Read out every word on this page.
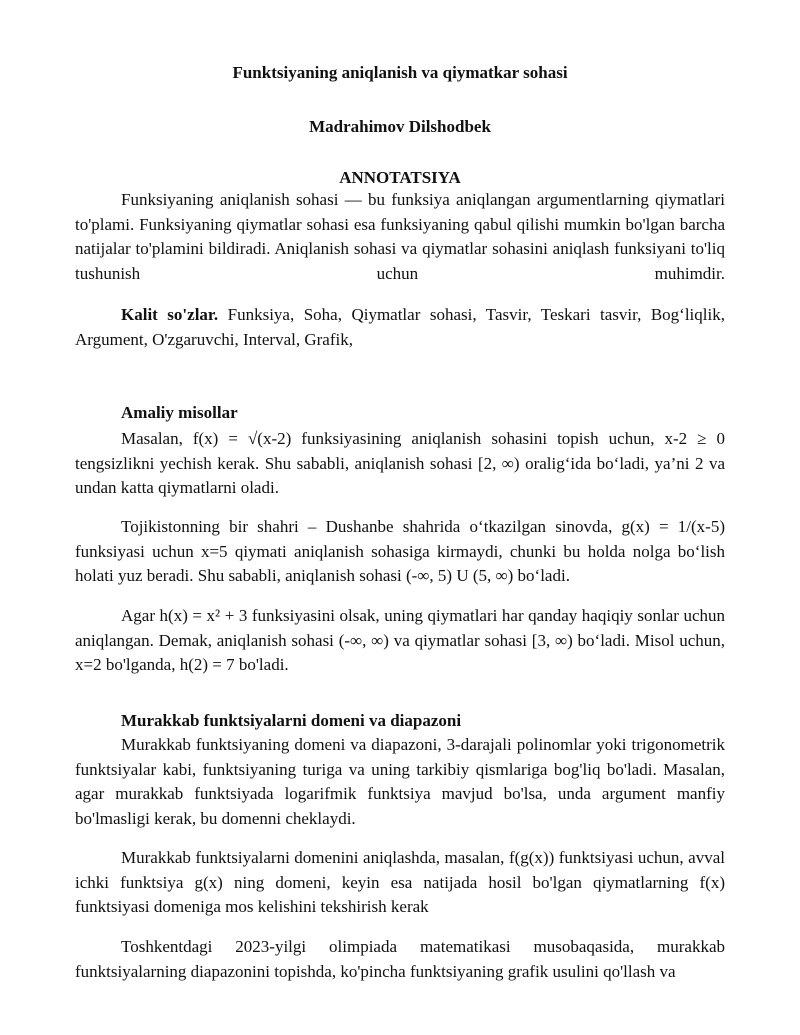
Funktsiyaning aniqlanish va qiymatkar sohasi
Madrahimov Dilshodbek
ANNOTATSIYA

Funksiyaning aniqlanish sohasi — bu funksiya aniqlangan argumentlarning qiymatlari to'plami. Funksiyaning qiymatlar sohasi esa funksiyaning qabul qilishi mumkin bo'lgan barcha natijalar to'plamini bildiradi. Aniqlanish sohasi va qiymatlar sohasini aniqlash funksiyani to'liq tushunish uchun muhimdir.

Kalit so'zlar. Funksiya, Soha, Qiymatlar sohasi, Tasvir, Teskari tasvir, Bog‘liqlik, Argument, O'zgaruvchi, Interval, Grafik,

Amaliy misollar

Masalan, f(x) = √(x-2) funksiyasining aniqlanish sohasini topish uchun, x-2 ≥ 0 tengsizlikni yechish kerak. Shu sababli, aniqlanish sohasi [2, ∞) oralig‘ida bo‘ladi, ya’ni 2 va undan katta qiymatlarni oladi.

Tojikistonning bir shahri – Dushanbe shahrida o‘tkazilgan sinovda, g(x) = 1/(x-5) funksiyasi uchun x=5 qiymati aniqlanish sohasiga kirmaydi, chunki bu holda nolga bo‘lish holati yuz beradi. Shu sababli, aniqlanish sohasi (-∞, 5) U (5, ∞) bo‘ladi.

Agar h(x) = x² + 3 funksiyasini olsak, uning qiymatlari har qanday haqiqiy sonlar uchun aniqlangan. Demak, aniqlanish sohasi (-∞, ∞) va qiymatlar sohasi [3, ∞) bo‘ladi. Misol uchun, x=2 bo'lganda, h(2) = 7 bo'ladi.

Murakkab funktsiyalarni domeni va diapazoni

Murakkab funktsiyaning domeni va diapazoni, 3-darajali polinomlar yoki trigonometrik funktsiyalar kabi, funktsiyaning turiga va uning tarkibiy qismlariga bog'liq bo'ladi. Masalan, agar murakkab funktsiyada logarifmik funktsiya mavjud bo'lsa, unda argument manfiy bo'lmasligi kerak, bu domenni cheklaydi.

Murakkab funktsiyalarni domenini aniqlashda, masalan, f(g(x)) funktsiyasi uchun, avval ichki funktsiya g(x) ning domeni, keyin esa natijada hosil bo'lgan qiymatlarning f(x) funktsiyasi domeniga mos kelishini tekshirish kerak

Toshkentdagi 2023-yilgi olimpiada matematikasi musobaqasida, murakkab funktsiyalarning diapazonini topishda, ko'pincha funktsiyaning grafik usulini qo'llash va
